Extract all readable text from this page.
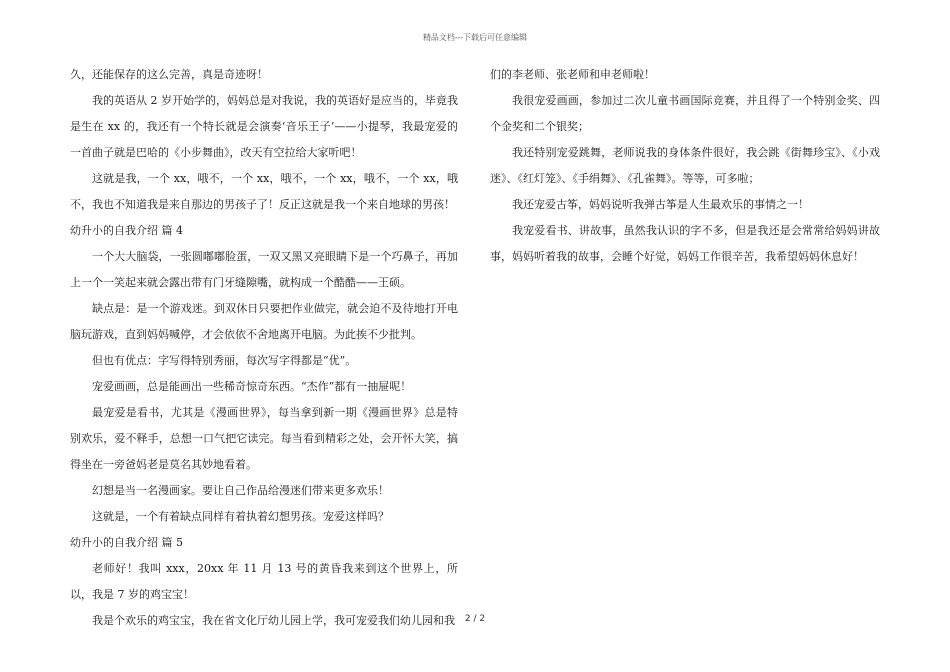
精品文档---下载后可任意编辑

久，还能保存的这么完善，真是奇迹呀！

我的英语从 2 岁开始学的，妈妈总是对我说，我的英语好是应当的，毕竟我是生在 xx 的，我还有一个特长就是会演奏‘音乐王子’——小提琴，我最宠爱的一首曲子就是巴哈的《小步舞曲》，改天有空拉给大家听吧！

这就是我，一个 xx，哦不，一个 xx，哦不，一个 xx，哦不，一个 xx，哦不，我也不知道我是来自那边的男孩子了！反正这就是我一个来自地球的男孩！

幼升小的自我介绍 篇 4

一个大大脑袋，一张圆嘟嘟脸蛋，一双又黑又亮眼睛下是一个巧鼻子，再加上一个一笑起来就会露出带有门牙缝隙嘴，就构成一个酷酷——王硕。

缺点是：是一个游戏迷。到双休日只要把作业做完，就会迫不及待地打开电脑玩游戏，直到妈妈喊停，才会依依不舍地离开电脑。为此挨不少批判。

但也有优点：字写得特别秀丽，每次写字得都是“优”。

宠爱画画，总是能画出一些稀奇惊奇东西。“杰作”都有一抽屉呢！

最宠爱是看书，尤其是《漫画世界》，每当拿到新一期《漫画世界》总是特别欢乐，爱不释手，总想一口气把它读完。每当看到精彩之处，会开怀大笑，搞得坐在一旁爸妈老是莫名其妙地看着。

幻想是当一名漫画家。要让自己作品给漫迷们带来更多欢乐！

这就是，一个有着缺点同样有着执着幻想男孩。宠爱这样吗？

幼升小的自我介绍 篇 5

老师好！我叫 xxx，20xx 年 11 月 13 号的黄昏我来到这个世界上，所以，我是 7 岁的鸡宝宝！

我是个欢乐的鸡宝宝，我在省文化厅幼儿园上学，我可宠爱我们幼儿园和我

们的李老师、张老师和申老师啦！

我很宠爱画画，参加过二次儿童书画国际竞赛，并且得了一个特别金奖、四个金奖和二个银奖；

我还特别宠爱跳舞，老师说我的身体条件很好，我会跳《街舞珍宝》、《小戏迷》、《红灯笼》、《手绢舞》、《孔雀舞》。等等，可多啦；

我还宠爱古筝，妈妈说听我弹古筝是人生最欢乐的事情之一！

我宠爱看书、讲故事，虽然我认识的字不多，但是我还是会常常给妈妈讲故事，妈妈听着我的故事，会睡个好觉，妈妈工作很辛苦，我希望妈妈休息好！

2 / 2
